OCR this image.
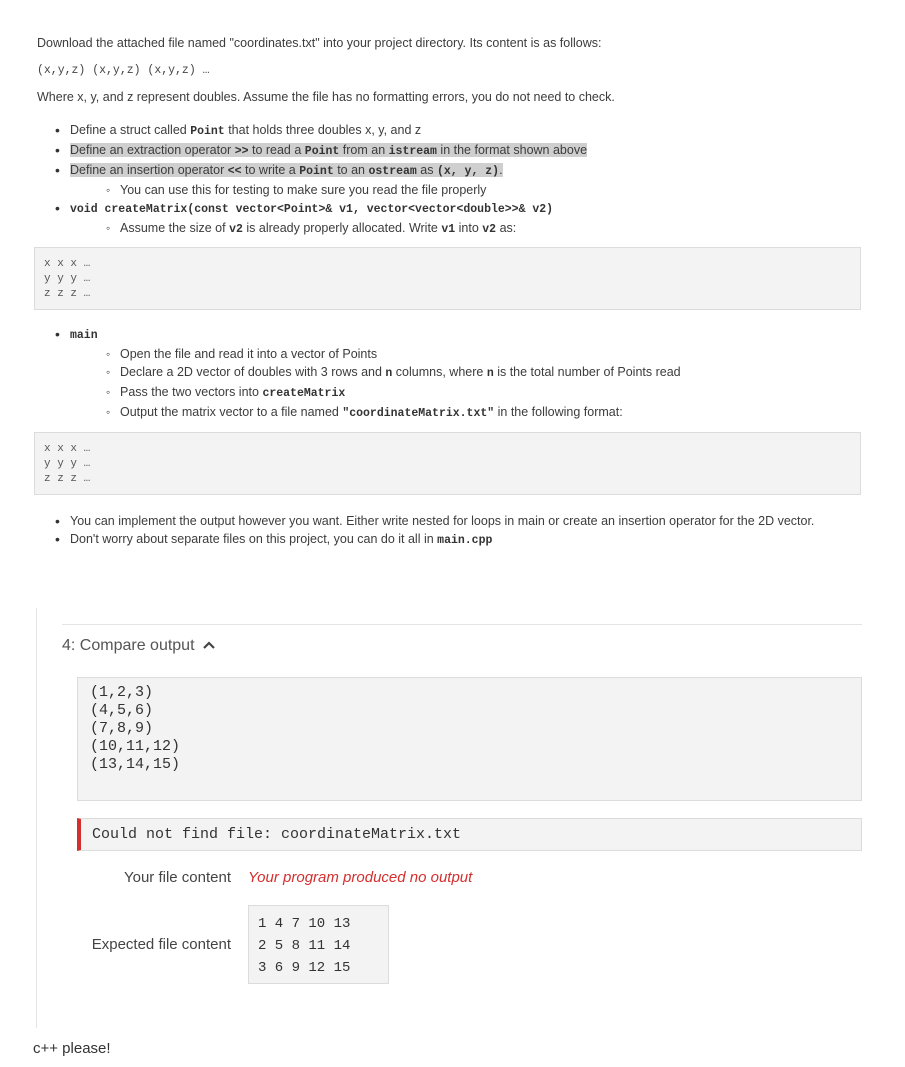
Download the attached file named "coordinates.txt" into your project directory. Its content is as follows:

(x,y,z) (x,y,z) (x,y,z) …

Where x, y, and z represent doubles. Assume the file has no formatting errors, you do not need to check.

• Define a struct called Point that holds three doubles x, y, and z
• Define an extraction operator >> to read a Point from an istream in the format shown above
• Define an insertion operator << to write a Point to an ostream as (x, y, z).
◦ You can use this for testing to make sure you read the file properly
• void createMatrix(const vector<Point>& v1, vector<vector<double>>& v2)
◦ Assume the size of v2 is already properly allocated. Write v1 into v2 as:
x x x …
y y y …
z z z …
• main
◦ Open the file and read it into a vector of Points
◦ Declare a 2D vector of doubles with 3 rows and n columns, where n is the total number of Points read
◦ Pass the two vectors into createMatrix
◦ Output the matrix vector to a file named "coordinateMatrix.txt" in the following format:
x x x …
y y y …
z z z …
• You can implement the output however you want. Either write nested for loops in main or create an insertion operator for the 2D vector.
• Don't worry about separate files on this project, you can do it all in main.cpp
4: Compare output
(1,2,3)
(4,5,6)
(7,8,9)
(10,11,12)
(13,14,15)
Could not find file: coordinateMatrix.txt
Your file content Your program produced no output
Expected file content
1 4 7 10 13
2 5 8 11 14
3 6 9 12 15
c++ please!
